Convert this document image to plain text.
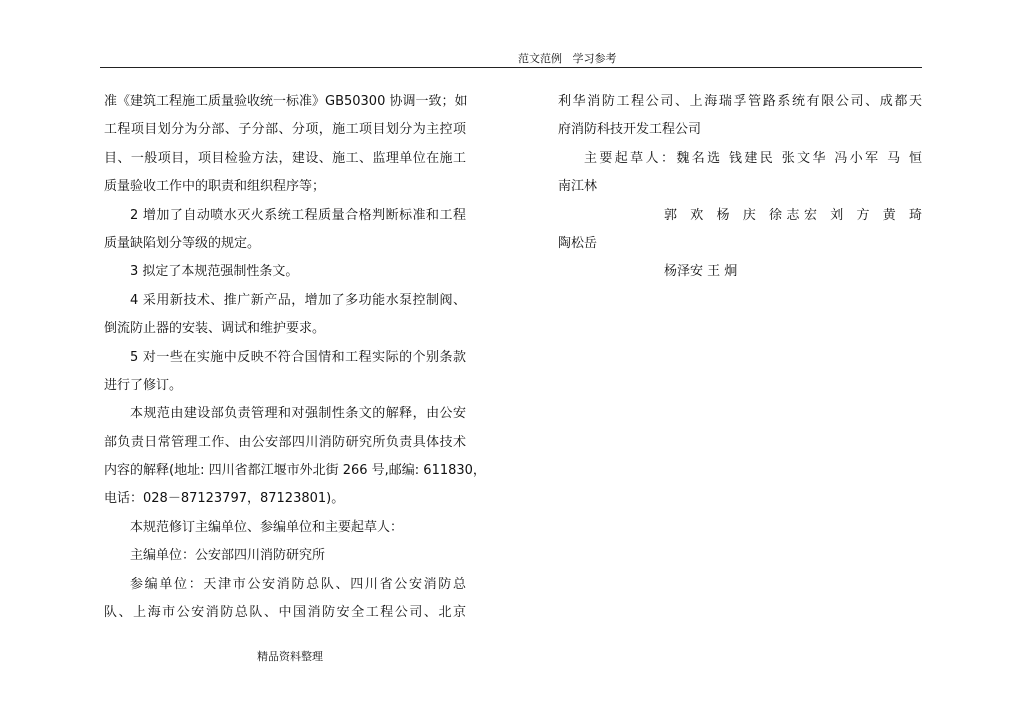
范文范例   学习参考
准《建筑工程施工质量验收统一标准》GB50300 协调一致；如
工程项目划分为分部、子分部、分项，施工项目划分为主控项
目、一般项目，项目检验方法，建设、施工、监理单位在施工
质量验收工作中的职责和组织程序等；
2 增加了自动喷水灭火系统工程质量合格判断标准和工程
质量缺陷划分等级的规定。
3 拟定了本规范强制性条文。
4 采用新技术、推广新产品，增加了多功能水泵控制阀、
倒流防止器的安装、调试和维护要求。
5 对一些在实施中反映不符合国情和工程实际的个别条款
进行了修订。
本规范由建设部负责管理和对强制性条文的解释，由公安
部负责日常管理工作、由公安部四川消防研究所负责具体技术
内容的解释(地址: 四川省都江堰市外北街 266 号,邮编: 611830，
电话：028－87123797，87123801)。
本规范修订主编单位、参编单位和主要起草人：
主编单位：公安部四川消防研究所
参编单位：天津市公安消防总队、四川省公安消防总
队、上海市公安消防总队、中国消防安全工程公司、北京
利华消防工程公司、上海瑞孚管路系统有限公司、成都天
府消防科技开发工程公司
主要起草人：魏名选 钱建民 张文华 冯小军 马 恒
南江林
郭 欢 杨 庆 徐志宏 刘 方 黄 琦
陶松岳
杨泽安 王 炯
精品资料整理
